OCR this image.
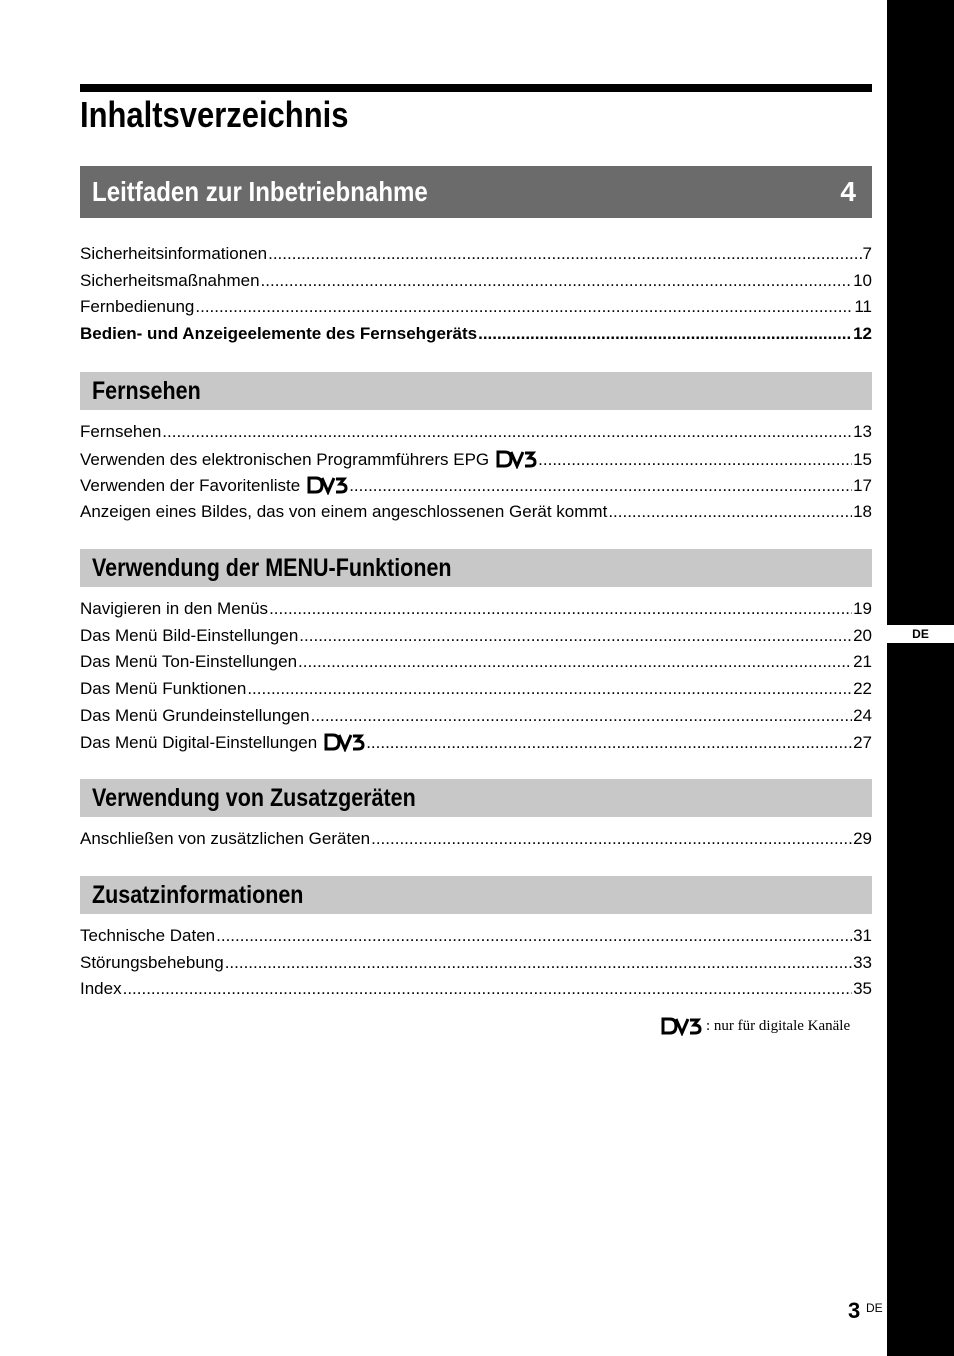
DE
Inhaltsverzeichnis
Leitfaden zur Inbetriebnahme	4
Sicherheitsinformationen .....	7
Sicherheitsmaßnahmen .....	10
Fernbedienung .....	11
Bedien- und Anzeigeelemente des Fernsehgeräts .....	12
Fernsehen
Fernsehen .....	13
Verwenden des elektronischen Programmführers EPG .....	15
Verwenden der Favoritenliste .....	17
Anzeigen eines Bildes, das von einem angeschlossenen Gerät kommt .....	18
Verwendung der MENU-Funktionen
Navigieren in den Menüs .....	19
Das Menü Bild-Einstellungen .....	20
Das Menü Ton-Einstellungen .....	21
Das Menü Funktionen .....	22
Das Menü Grundeinstellungen .....	24
Das Menü Digital-Einstellungen .....	27
Verwendung von Zusatzgeräten
Anschließen von zusätzlichen Geräten .....	29
Zusatzinformationen
Technische Daten .....	31
Störungsbehebung .....	33
Index .....	35
: nur für digitale Kanäle
3 DE
